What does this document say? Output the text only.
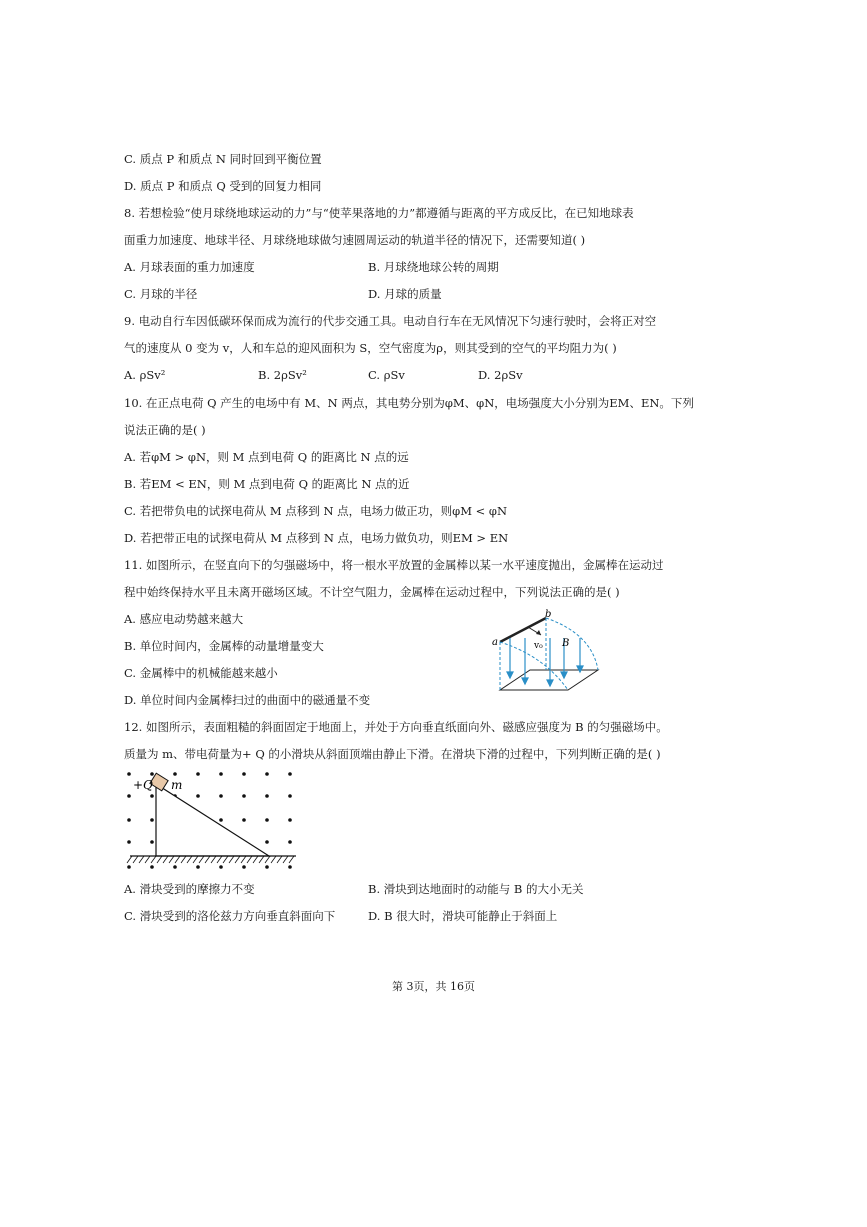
C. 质点 P 和质点 N 同时回到平衡位置
D. 质点 P 和质点 Q 受到的回复力相同
8. 若想检验“使月球绕地球运动的力”与“使苹果落地的力”都遵循与距离的平方成反比，在已知地球表
面重力加速度、地球半径、月球绕地球做匀速圆周运动的轨道半径的情况下，还需要知道( )
A. 月球表面的重力加速度	B. 月球绕地球公转的周期
C. 月球的半径	D. 月球的质量
9. 电动自行车因低碳环保而成为流行的代步交通工具。电动自行车在无风情况下匀速行驶时，会将正对空
气的速度从 0 变为 v，人和车总的迎风面积为 S，空气密度为ρ，则其受到的空气的平均阻力为( )
A. ρSv²	B. 2ρSv²	C. ρSv	D. 2ρSv
10. 在正点电荷 Q 产生的电场中有 M、N 两点，其电势分别为φM、φN，电场强度大小分别为EM、EN。下列
说法正确的是( )
A. 若φM > φN，则 M 点到电荷 Q 的距离比 N 点的远
B. 若EM < EN，则 M 点到电荷 Q 的距离比 N 点的近
C. 若把带负电的试探电荷从 M 点移到 N 点，电场力做正功，则φM < φN
D. 若把带正电的试探电荷从 M 点移到 N 点，电场力做负功，则EM > EN
11. 如图所示，在竖直向下的匀强磁场中，将一根水平放置的金属棒以某一水平速度抛出，金属棒在运动过
程中始终保持水平且未离开磁场区域。不计空气阻力，金属棒在运动过程中，下列说法正确的是( )
A. 感应电动势越来越大
B. 单位时间内，金属棒的动量增量变大
C. 金属棒中的机械能越来越小
D. 单位时间内金属棒扫过的曲面中的磁通量不变
a
b
v₀ B
12. 如图所示，表面粗糙的斜面固定于地面上，并处于方向垂直纸面向外、磁感应强度为 B 的匀强磁场中。
质量为 m、带电荷量为+ Q 的小滑块从斜面顶端由静止下滑。在滑块下滑的过程中，下列判断正确的是( )
+Q m
A. 滑块受到的摩擦力不变	B. 滑块到达地面时的动能与 B 的大小无关
C. 滑块受到的洛伦兹力方向垂直斜面向下	D. B 很大时，滑块可能静止于斜面上
第 3页，共 16页
